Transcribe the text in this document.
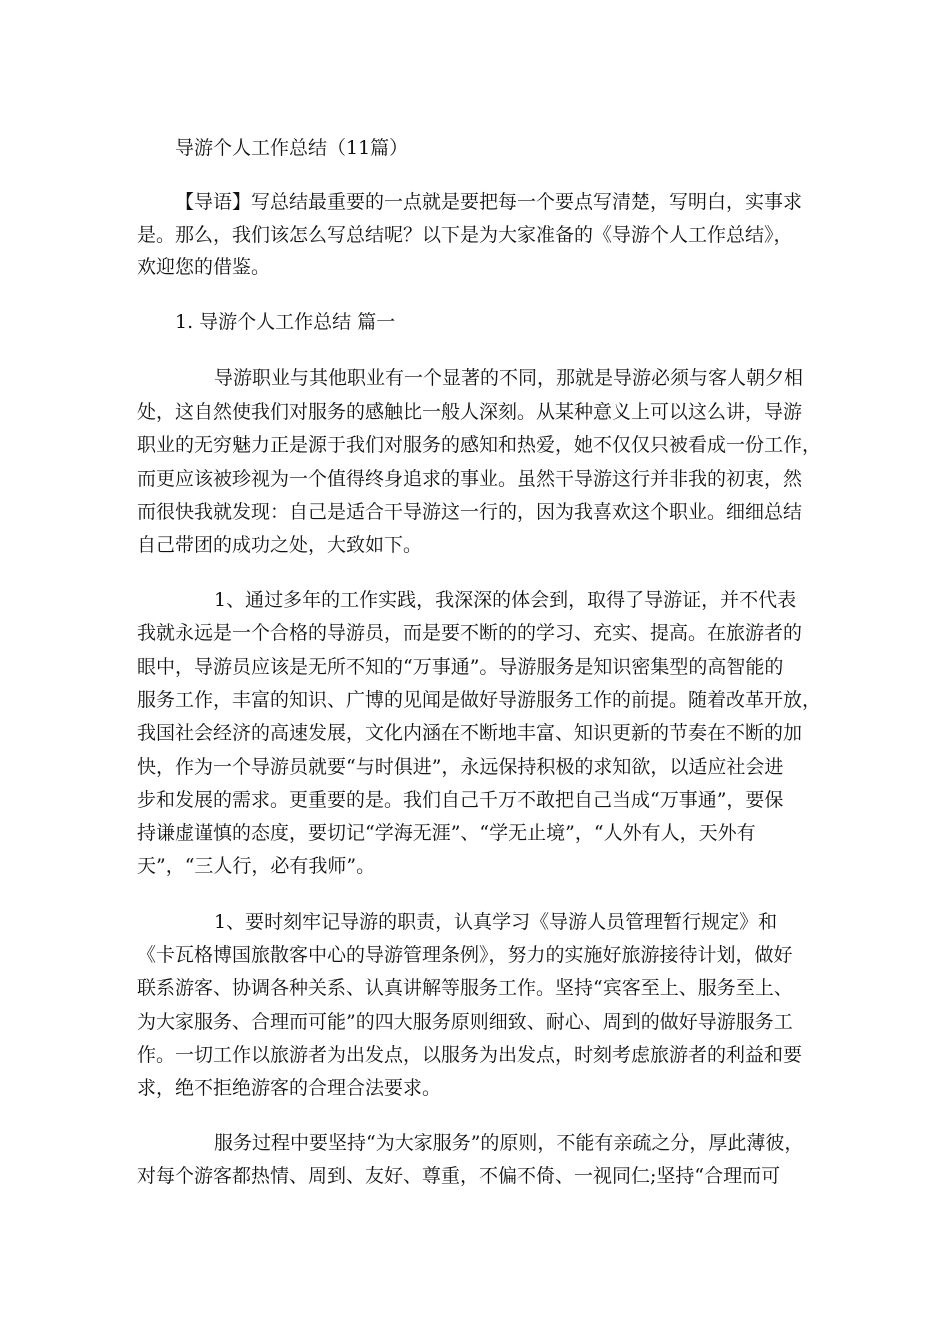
导游个人工作总结（11篇）
【导语】写总结最重要的一点就是要把每一个要点写清楚，写明白，实事求
是。那么，我们该怎么写总结呢？以下是为大家准备的《导游个人工作总结》，
欢迎您的借鉴。
1. 导游个人工作总结 篇一
导游职业与其他职业有一个显著的不同，那就是导游必须与客人朝夕相
处，这自然使我们对服务的感触比一般人深刻。从某种意义上可以这么讲，导游
职业的无穷魅力正是源于我们对服务的感知和热爱，她不仅仅只被看成一份工作，
而更应该被珍视为一个值得终身追求的事业。虽然干导游这行并非我的初衷，然
而很快我就发现：自己是适合干导游这一行的，因为我喜欢这个职业。细细总结
自己带团的成功之处，大致如下。
1、通过多年的工作实践，我深深的体会到，取得了导游证，并不代表
我就永远是一个合格的导游员，而是要不断的的学习、充实、提高。在旅游者的
眼中，导游员应该是无所不知的“万事通”。导游服务是知识密集型的高智能的
服务工作，丰富的知识、广博的见闻是做好导游服务工作的前提。随着改革开放，
我国社会经济的高速发展，文化内涵在不断地丰富、知识更新的节奏在不断的加
快，作为一个导游员就要“与时俱进”，永远保持积极的求知欲，以适应社会进
步和发展的需求。更重要的是。我们自己千万不敢把自己当成“万事通”，要保
持谦虚谨慎的态度，要切记“学海无涯”、“学无止境”，“人外有人，天外有
天”，“三人行，必有我师”。
1、要时刻牢记导游的职责，认真学习《导游人员管理暂行规定》和
《卡瓦格博国旅散客中心的导游管理条例》，努力的实施好旅游接待计划，做好
联系游客、协调各种关系、认真讲解等服务工作。坚持“宾客至上、服务至上、
为大家服务、合理而可能”的四大服务原则细致、耐心、周到的做好导游服务工
作。一切工作以旅游者为出发点，以服务为出发点，时刻考虑旅游者的利益和要
求，绝不拒绝游客的合理合法要求。
服务过程中要坚持“为大家服务”的原则，不能有亲疏之分，厚此薄彼，
对每个游客都热情、周到、友好、尊重，不偏不倚、一视同仁;坚持“合理而可
